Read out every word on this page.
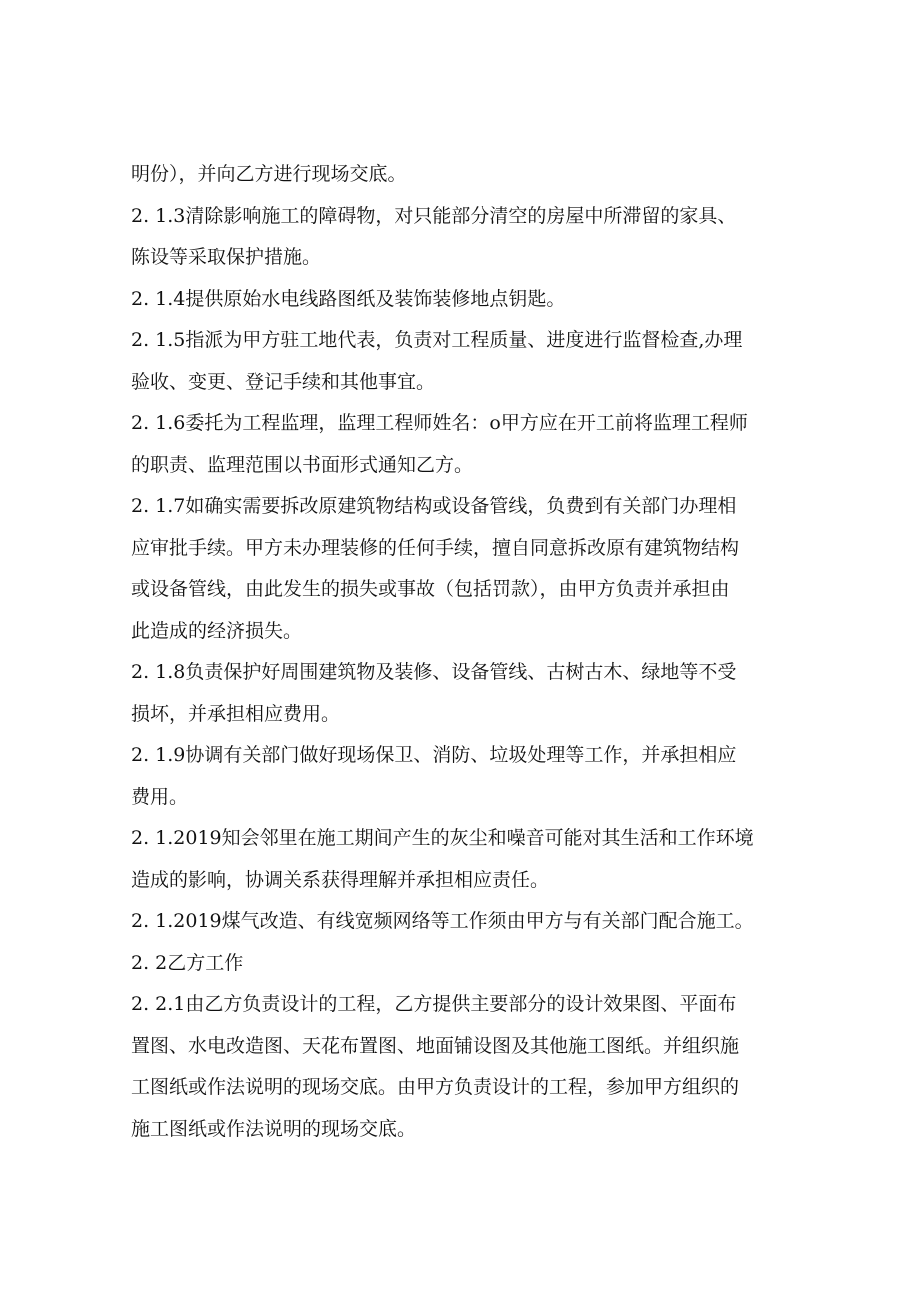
明份），并向乙方进行现场交底。
2. 1.3清除影响施工的障碍物，对只能部分清空的房屋中所滞留的家具、
陈设等采取保护措施。
2. 1.4提供原始水电线路图纸及装饰装修地点钥匙。
2. 1.5指派为甲方驻工地代表，负责对工程质量、进度进行监督检查,办理
验收、变更、登记手续和其他事宜。
2. 1.6委托为工程监理，监理工程师姓名：o甲方应在开工前将监理工程师
的职责、监理范围以书面形式通知乙方。
2. 1.7如确实需要拆改原建筑物结构或设备管线，负费到有关部门办理相
应审批手续。甲方未办理装修的任何手续，擅自同意拆改原有建筑物结构
或设备管线，由此发生的损失或事故（包括罚款），由甲方负责并承担由
此造成的经济损失。
2. 1.8负责保护好周围建筑物及装修、设备管线、古树古木、绿地等不受
损坏，并承担相应费用。
2. 1.9协调有关部门做好现场保卫、消防、垃圾处理等工作，并承担相应
费用。
2. 1.2019知会邻里在施工期间产生的灰尘和噪音可能对其生活和工作环境
造成的影响，协调关系获得理解并承担相应责任。
2. 1.2019煤气改造、有线宽频网络等工作须由甲方与有关部门配合施工。
2. 2乙方工作
2. 2.1由乙方负责设计的工程，乙方提供主要部分的设计效果图、平面布
置图、水电改造图、天花布置图、地面铺设图及其他施工图纸。并组织施
工图纸或作法说明的现场交底。由甲方负责设计的工程，参加甲方组织的
施工图纸或作法说明的现场交底。
